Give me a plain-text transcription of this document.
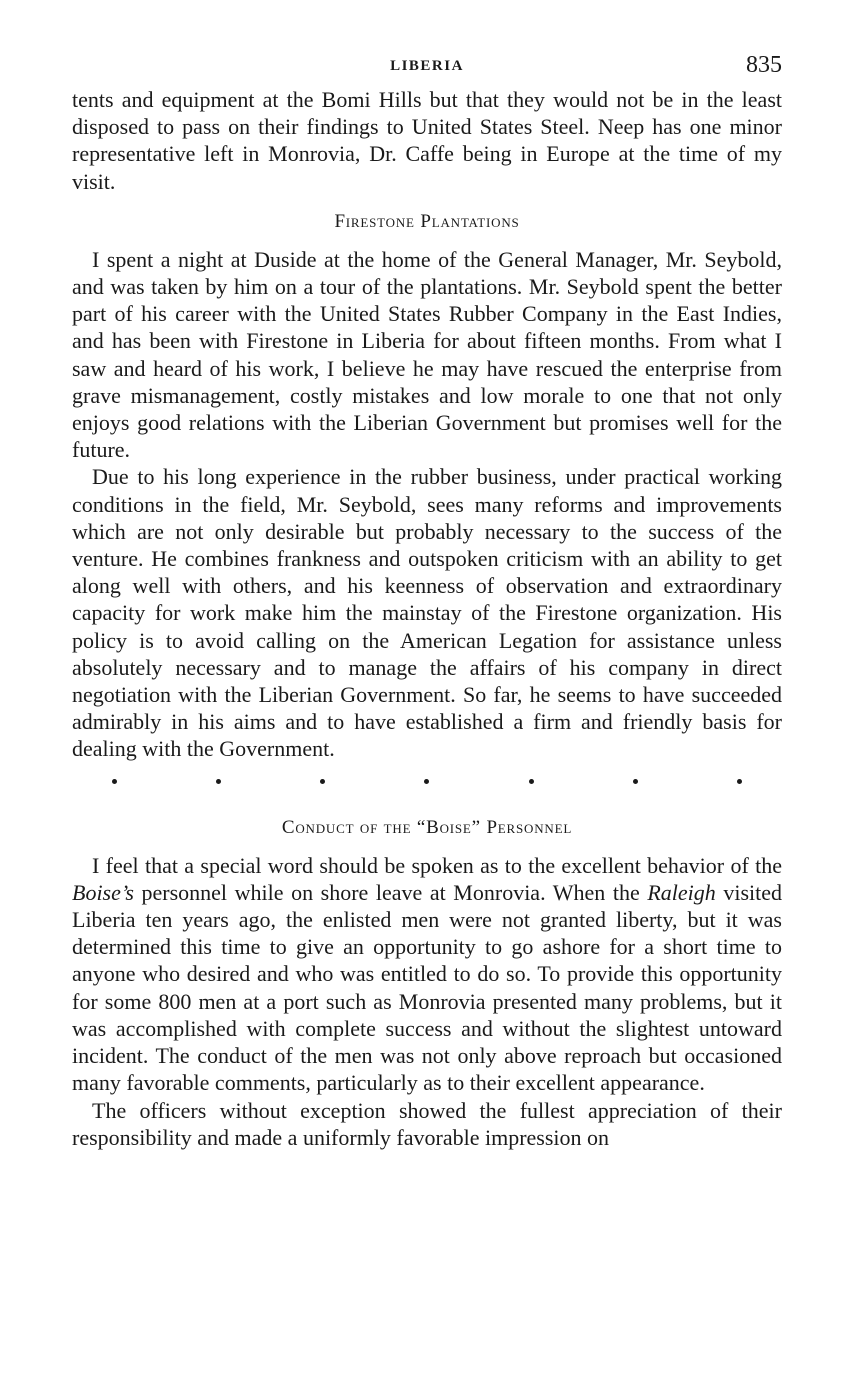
LIBERIA	835

tents and equipment at the Bomi Hills but that they would not be in the least disposed to pass on their findings to United States Steel. Neep has one minor representative left in Monrovia, Dr. Caffe being in Europe at the time of my visit.

Firestone Plantations

I spent a night at Duside at the home of the General Manager, Mr. Seybold, and was taken by him on a tour of the plantations. Mr. Seybold spent the better part of his career with the United States Rubber Company in the East Indies, and has been with Firestone in Liberia for about fifteen months. From what I saw and heard of his work, I believe he may have rescued the enterprise from grave mismanagement, costly mistakes and low morale to one that not only enjoys good relations with the Liberian Government but promises well for the future.

Due to his long experience in the rubber business, under practical working conditions in the field, Mr. Seybold, sees many reforms and improvements which are not only desirable but probably necessary to the success of the venture. He combines frankness and outspoken criticism with an ability to get along well with others, and his keenness of observation and extraordinary capacity for work make him the mainstay of the Firestone organization. His policy is to avoid calling on the American Legation for assistance unless absolutely necessary and to manage the affairs of his company in direct negotiation with the Liberian Government. So far, he seems to have succeeded admirably in his aims and to have established a firm and friendly basis for dealing with the Government.

Conduct of the “Boise” Personnel

I feel that a special word should be spoken as to the excellent behavior of the Boise’s personnel while on shore leave at Monrovia. When the Raleigh visited Liberia ten years ago, the enlisted men were not granted liberty, but it was determined this time to give an opportunity to go ashore for a short time to anyone who desired and who was entitled to do so. To provide this opportunity for some 800 men at a port such as Monrovia presented many problems, but it was accomplished with complete success and without the slightest untoward incident. The conduct of the men was not only above reproach but occasioned many favorable comments, particularly as to their excellent appearance.

The officers without exception showed the fullest appreciation of their responsibility and made a uniformly favorable impression on
